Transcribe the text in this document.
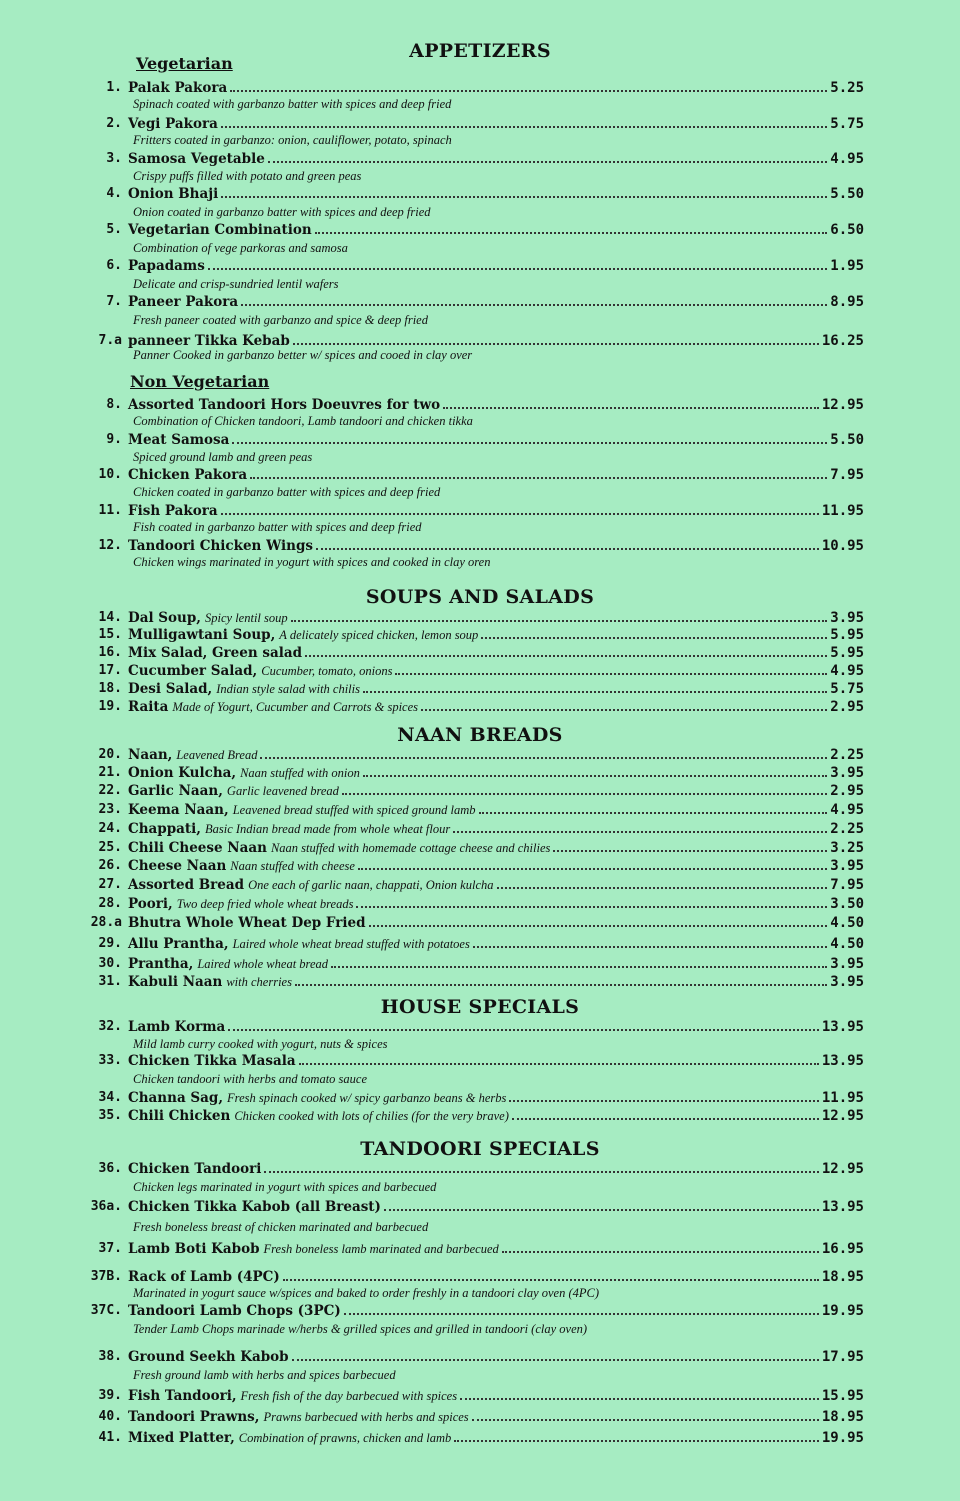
APPETIZERS
Vegetarian
1. Palak Pakora	5.25
Spinach coated with garbanzo batter with spices and deep fried
2. Vegi Pakora	5.75
Fritters coated in garbanzo: onion, cauliflower, potato, spinach
3. Samosa Vegetable	4.95
Crispy puffs filled with potato and green peas
4. Onion Bhaji	5.50
Onion coated in garbanzo batter with spices and deep fried
5. Vegetarian Combination	6.50
Combination of vege parkoras and samosa
6. Papadams	1.95
Delicate and crisp-sundried lentil wafers
7. Paneer Pakora	8.95
Fresh paneer coated with garbanzo and spice & deep fried
7.a panneer Tikka Kebab	16.25
Panner Cooked in garbanzo better w/ spices and cooed in clay over
Non Vegetarian
8. Assorted Tandoori Hors Doeuvres for two	12.95
Combination of Chicken tandoori, Lamb tandoori and chicken tikka
9. Meat Samosa	5.50
Spiced ground lamb and green peas
10. Chicken Pakora	7.95
Chicken coated in garbanzo batter with spices and deep fried
11. Fish Pakora	11.95
Fish coated in garbanzo batter with spices and deep fried
12. Tandoori Chicken Wings	10.95
Chicken wings marinated in yogurt with spices and cooked in clay oren
SOUPS AND SALADS
14. Dal Soup, Spicy lentil soup	3.95
15. Mulligawtani Soup, A delicately spiced chicken, lemon soup	5.95
16. Mix Salad, Green salad	5.95
17. Cucumber Salad, Cucumber, tomato, onions	4.95
18. Desi Salad, Indian style salad with chilis	5.75
19. Raita Made of Yogurt, Cucumber and Carrots & spices	2.95
NAAN BREADS
20. Naan, Leavened Bread	2.25
21. Onion Kulcha, Naan stuffed with onion	3.95
22. Garlic Naan, Garlic leavened bread	2.95
23. Keema Naan, Leavened bread stuffed with spiced ground lamb	4.95
24. Chappati, Basic Indian bread made from whole wheat flour	2.25
25. Chili Cheese Naan Naan stuffed with homemade cottage cheese and chilies	3.25
26. Cheese Naan Naan stuffed with cheese	3.95
27. Assorted Bread One each of garlic naan, chappati, Onion kulcha	7.95
28. Poori, Two deep fried whole wheat breads	3.50
28.a Bhutra Whole Wheat Dep Fried	4.50
29. Allu Prantha, Laired whole wheat bread stuffed with potatoes	4.50
30. Prantha, Laired whole wheat bread	3.95
31. Kabuli Naan with cherries	3.95
HOUSE SPECIALS
32. Lamb Korma	13.95
Mild lamb curry cooked with yogurt, nuts & spices
33. Chicken Tikka Masala	13.95
Chicken tandoori with herbs and tomato sauce
34. Channa Sag, Fresh spinach cooked w/ spicy garbanzo beans & herbs	11.95
35. Chili Chicken Chicken cooked with lots of chilies (for the very brave)	12.95
TANDOORI SPECIALS
36. Chicken Tandoori	12.95
Chicken legs marinated in yogurt with spices and barbecued
36a. Chicken Tikka Kabob (all Breast)	13.95
Fresh boneless breast of chicken marinated and barbecued
37. Lamb Boti Kabob Fresh boneless lamb marinated and barbecued	16.95
37B. Rack of Lamb (4PC)	18.95
Marinated in yogurt sauce w/spices and baked to order freshly in a tandoori clay oven (4PC)
37C. Tandoori Lamb Chops (3PC)	19.95
Tender Lamb Chops marinade w/herbs & grilled spices and grilled in tandoori (clay oven)
38. Ground Seekh Kabob	17.95
Fresh ground lamb with herbs and spices barbecued
39. Fish Tandoori, Fresh fish of the day barbecued with spices	15.95
40. Tandoori Prawns, Prawns barbecued with herbs and spices	18.95
41. Mixed Platter, Combination of prawns, chicken and lamb	19.95
